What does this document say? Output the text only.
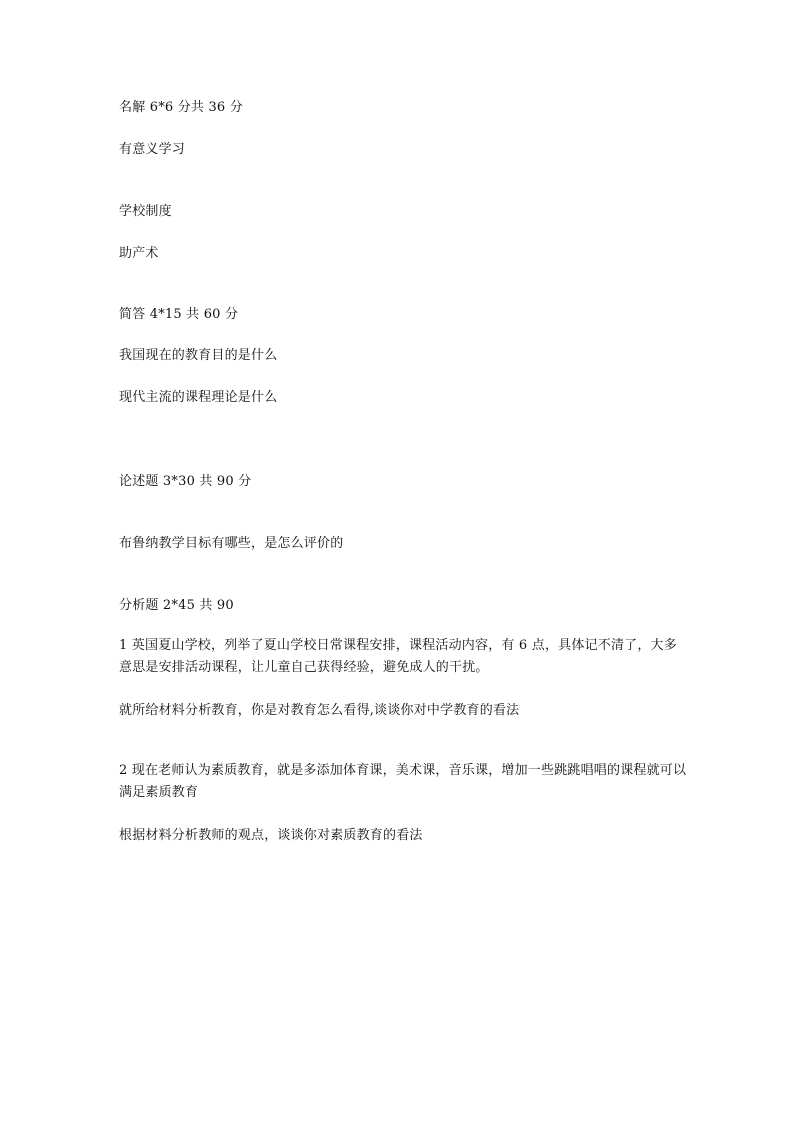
名解 6*6 分共 36 分
有意义学习
学校制度
助产术
简答 4*15 共 60 分
我国现在的教育目的是什么
现代主流的课程理论是什么
论述题 3*30 共 90 分
布鲁纳教学目标有哪些，是怎么评价的
分析题 2*45 共 90
1 英国夏山学校，列举了夏山学校日常课程安排，课程活动内容，有 6 点，具体记不清了，大多意思是安排活动课程，让儿童自己获得经验，避免成人的干扰。
就所给材料分析教育，你是对教育怎么看得,谈谈你对中学教育的看法
2 现在老师认为素质教育，就是多添加体育课，美术课，音乐课，增加一些跳跳唱唱的课程就可以满足素质教育
根据材料分析教师的观点，谈谈你对素质教育的看法
